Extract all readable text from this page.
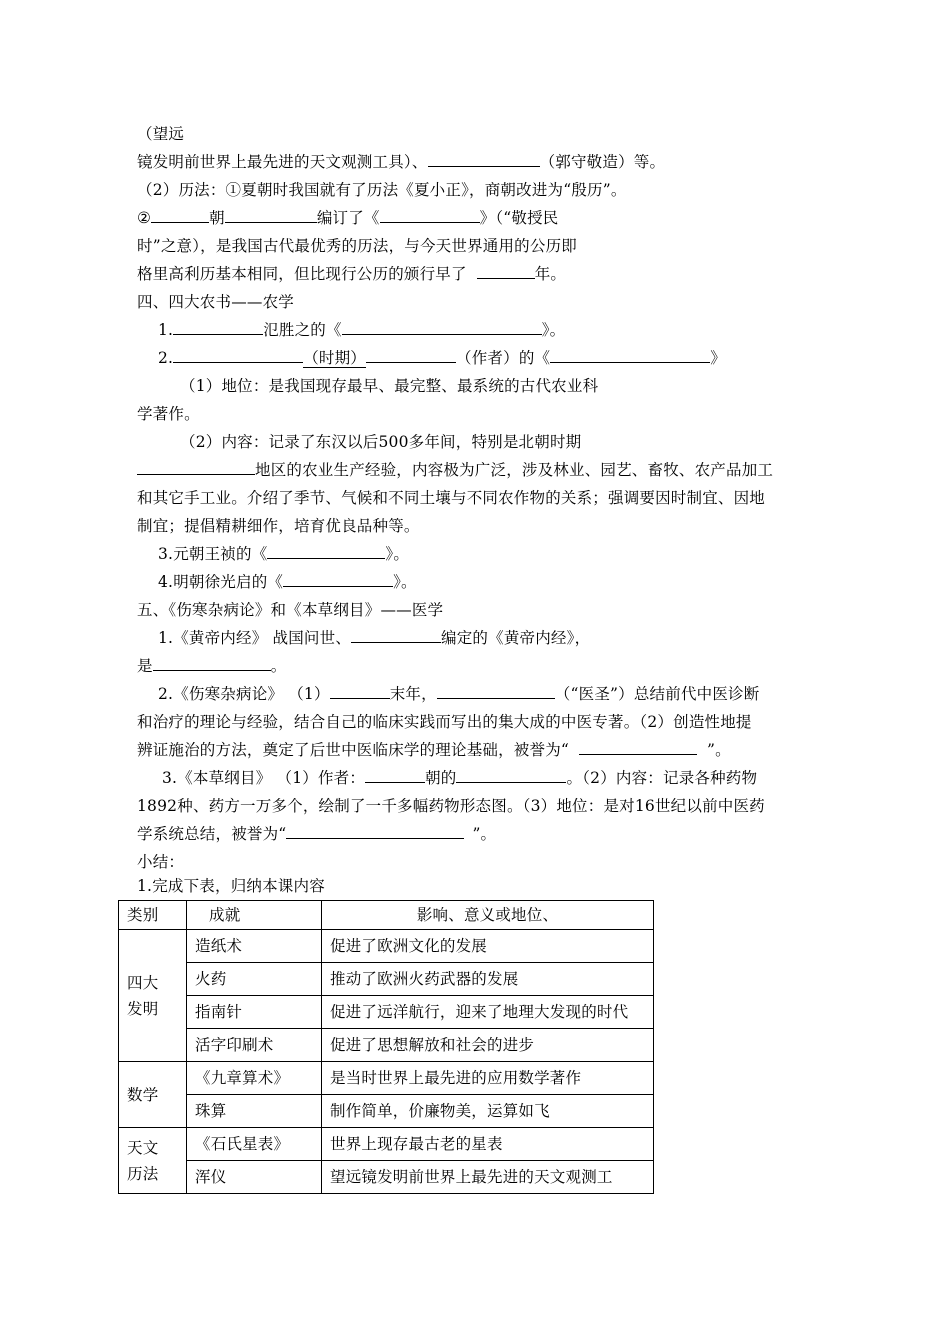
（望远
镜发明前世界上最先进的天文观测工具）、	（郭守敬造）等。
（2）历法：①夏朝时我国就有了历法《夏小正》，商朝改进为“殷历”。
②	朝	编订了《	》（“敬授民
时”之意），是我国古代最优秀的历法，与今天世界通用的公历即
格里高利历基本相同，但比现行公历的颁行早了	年。
四、四大农书——农学
1.	氾胜之的《	》。
2.	（时期）	（作者）的《	》
（1）地位：是我国现存最早、最完整、最系统的古代农业科
学著作。
（2）内容：记录了东汉以后500多年间，特别是北朝时期
地区的农业生产经验，内容极为广泛，涉及林业、园艺、畜牧、农产品加工
和其它手工业。介绍了季节、气候和不同土壤与不同农作物的关系；强调要因时制宜、因地
制宜；提倡精耕细作，培育优良品种等。
3.元朝王祯的《	》。
4.明朝徐光启的《	》。
五、《伤寒杂病论》和《本草纲目》——医学
1.《黄帝内经》 战国问世、	编定的《黄帝内经》，
是	。
2.《伤寒杂病论》 （1）	末年，	（“医圣”）总结前代中医诊断
和治疗的理论与经验，结合自己的临床实践而写出的集大成的中医专著。（2）创造性地提
辨证施治的方法，奠定了后世中医临床学的理论基础，被誉为“	”。
3.《本草纲目》 （1）作者：	朝的	。（2）内容：记录各种药物
1892种、药方一万多个，绘制了一千多幅药物形态图。（3）地位：是对16世纪以前中医药
学系统总结，被誉为“	”。
小结：
1.完成下表，归纳本课内容
类别	成就	影响、意义或地位、

四大发明	造纸术	促进了欧洲文化的发展
	火药	推动了欧洲火药武器的发展
	指南针	促进了远洋航行，迎来了地理大发现的时代
	活字印刷术	促进了思想解放和社会的进步
数学	《九章算术》	是当时世界上最先进的应用数学著作
	珠算	制作简单，价廉物美，运算如飞

天文历法	《石氏星表》	世界上现存最古老的星表
	浑仪	望远镜发明前世界上最先进的天文观测工
